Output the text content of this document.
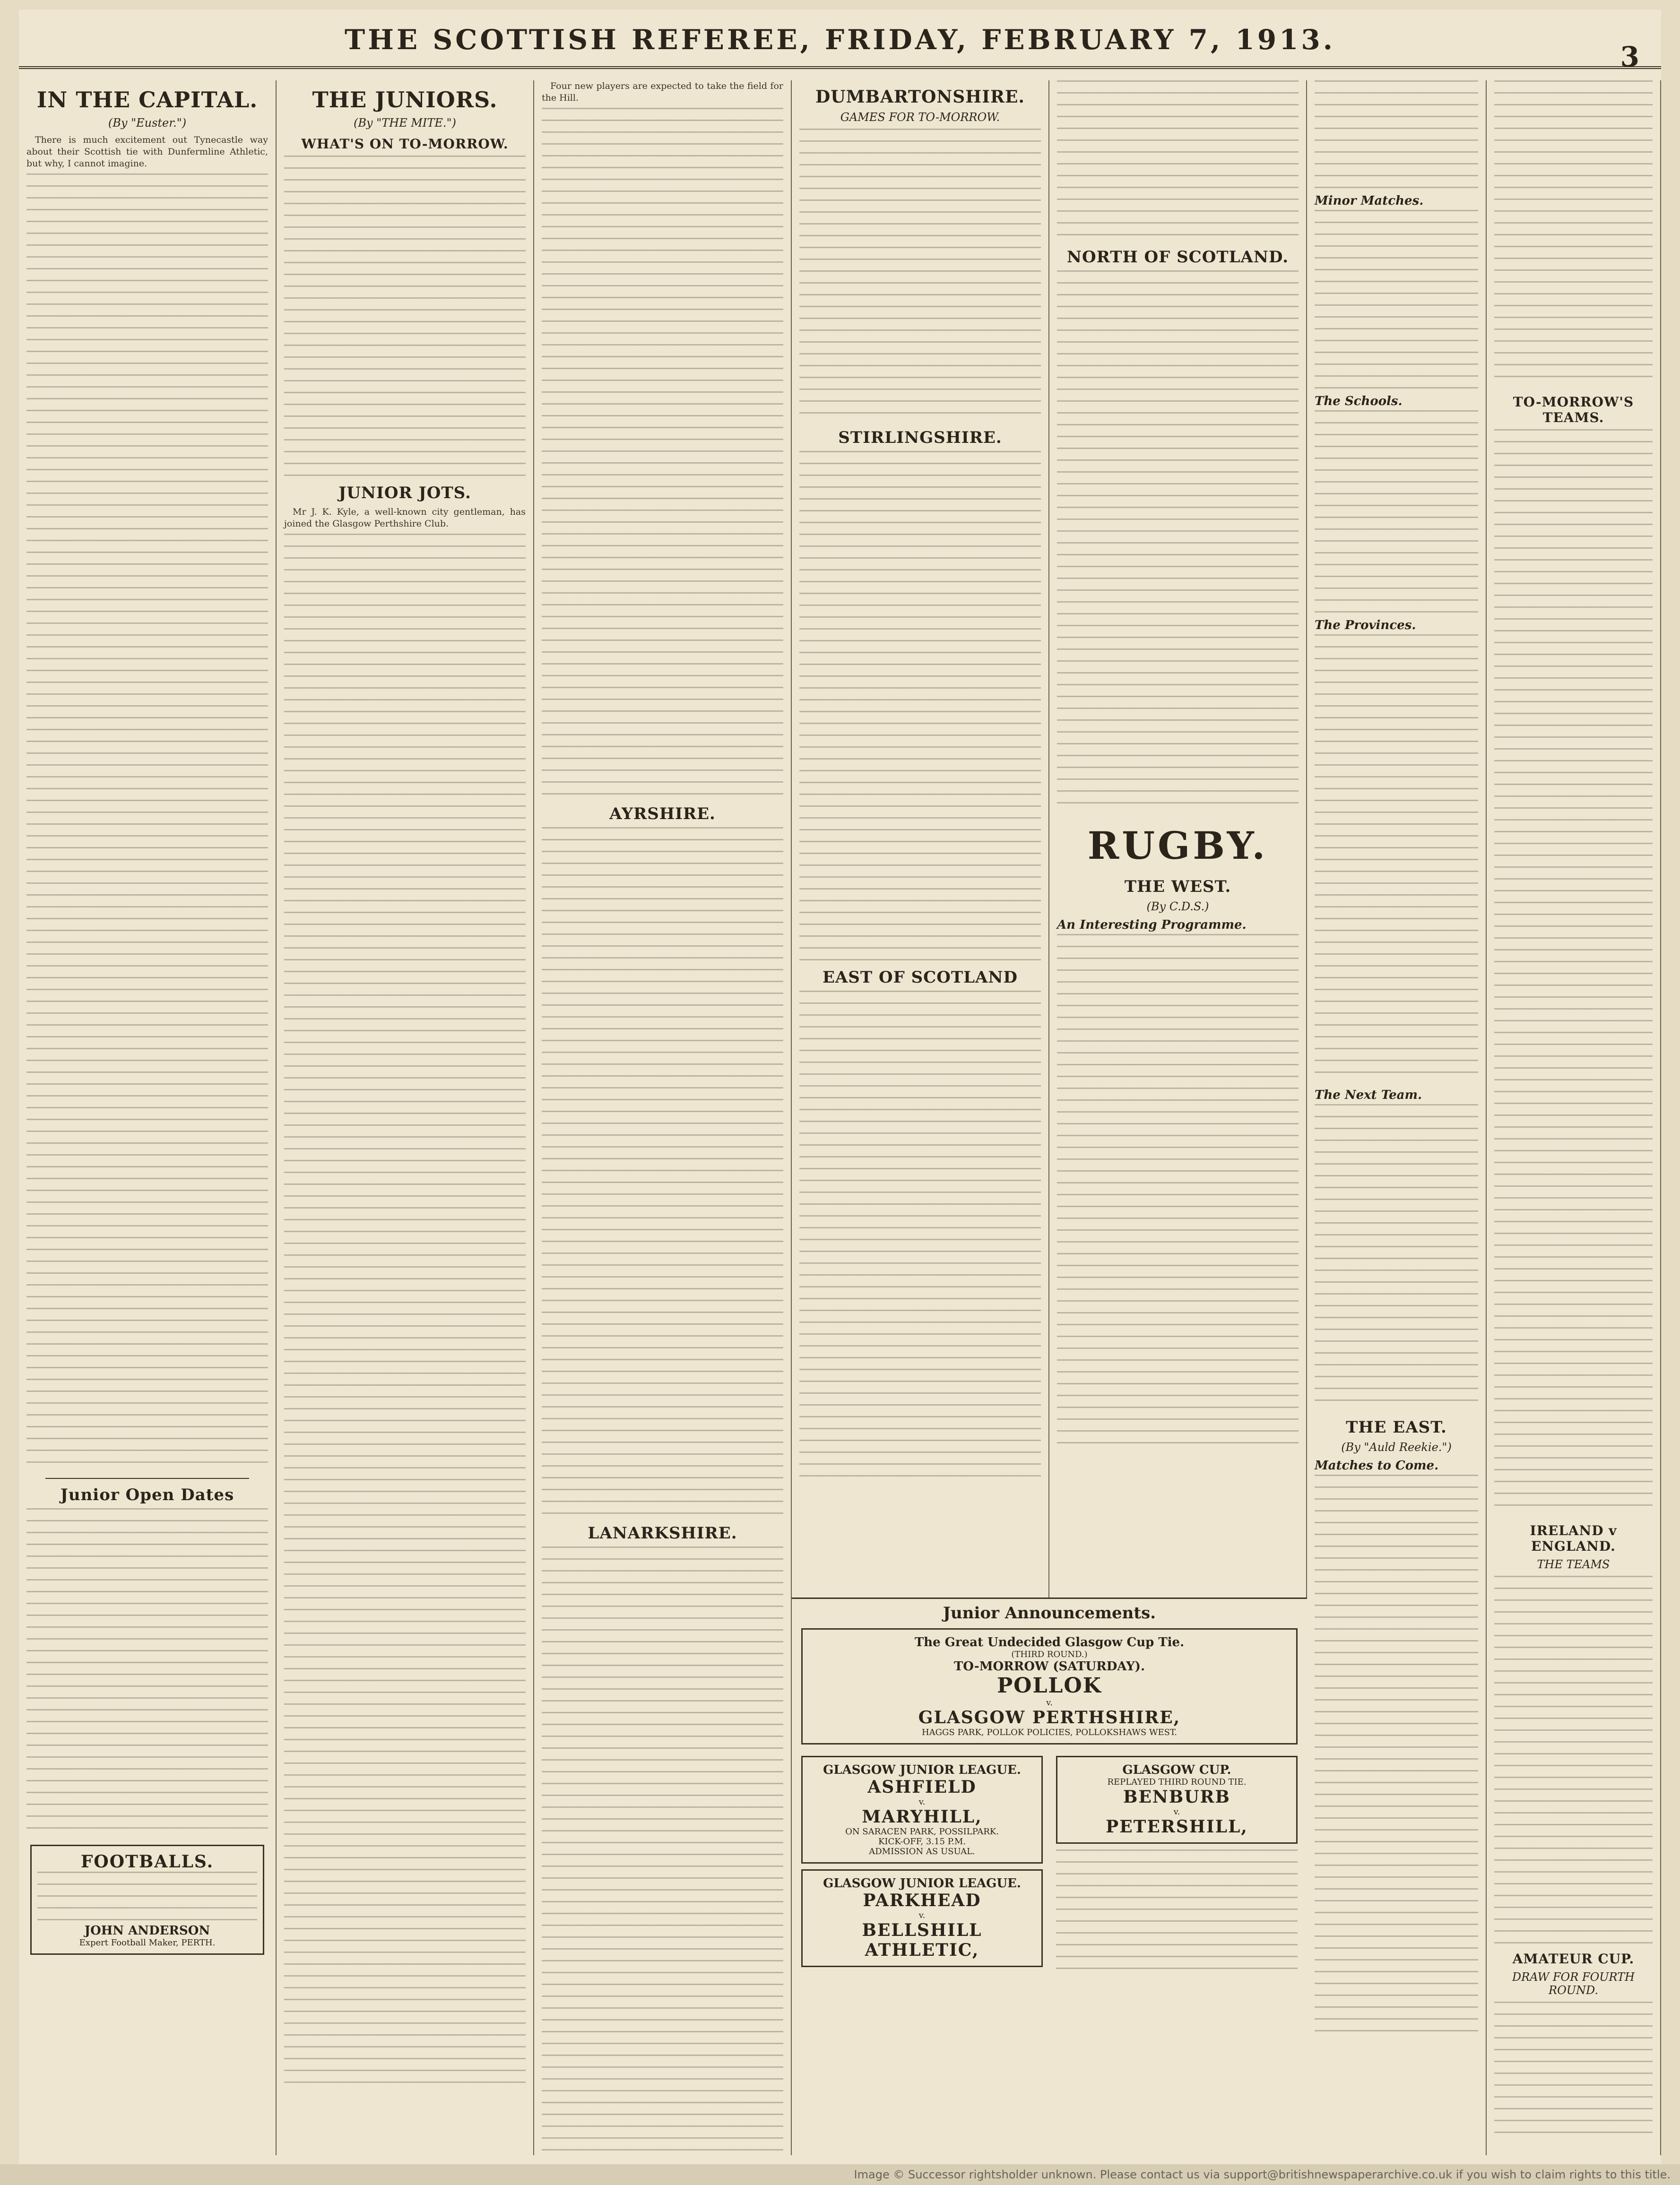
THE SCOTTISH REFEREE, FRIDAY, FEBRUARY 7, 1913.
3
IN THE CAPITAL.
(By "Euster.")

There is much excitement out Tynecastle way about their Scottish tie with Dunfermline Athletic, but why, I cannot imagine.

Junior Open Dates
FOOTBALLS.
JOHN ANDERSON
Expert Football Maker, PERTH.
THE JUNIORS.
(By "THE MITE.")
WHAT'S ON TO-MORROW.
JUNIOR JOTS.

Mr J. K. Kyle, a well-known city gentleman, has joined the Glasgow Perthshire Club.

Four new players are expected to take the field for the Hill.

AYRSHIRE.
LANARKSHIRE.
DUMBARTONSHIRE.
GAMES FOR TO-MORROW.
STIRLINGSHIRE.
EAST OF SCOTLAND
NORTH OF SCOTLAND.
RUGBY.
THE WEST.
(By C.D.S.)
An Interesting Programme.
Minor Matches.
The Schools.
The Provinces.
The Next Team.
THE EAST.
(By "Auld Reekie.")
Matches to Come.
TO-MORROW'S TEAMS.
IRELAND v ENGLAND.
THE TEAMS
AMATEUR CUP.
DRAW FOR FOURTH ROUND.
Junior Announcements.
The Great Undecided Glasgow Cup Tie.
(THIRD ROUND.)
TO-MORROW (SATURDAY).
POLLOK
v.
GLASGOW PERTHSHIRE,
HAGGS PARK, POLLOK POLICIES, POLLOKSHAWS WEST.
GLASGOW JUNIOR LEAGUE.
ASHFIELD
v.
MARYHILL,
ON SARACEN PARK, POSSILPARK.
KICK-OFF, 3.15 P.M.
ADMISSION AS USUAL.
GLASGOW JUNIOR LEAGUE.
PARKHEAD
v.
BELLSHILL ATHLETIC,
GLASGOW CUP.
REPLAYED THIRD ROUND TIE.
BENBURB
v.
PETERSHILL,
Image © Successor rightsholder unknown. Please contact us via support@britishnewspaperarchive.co.uk if you wish to claim rights to this title.
